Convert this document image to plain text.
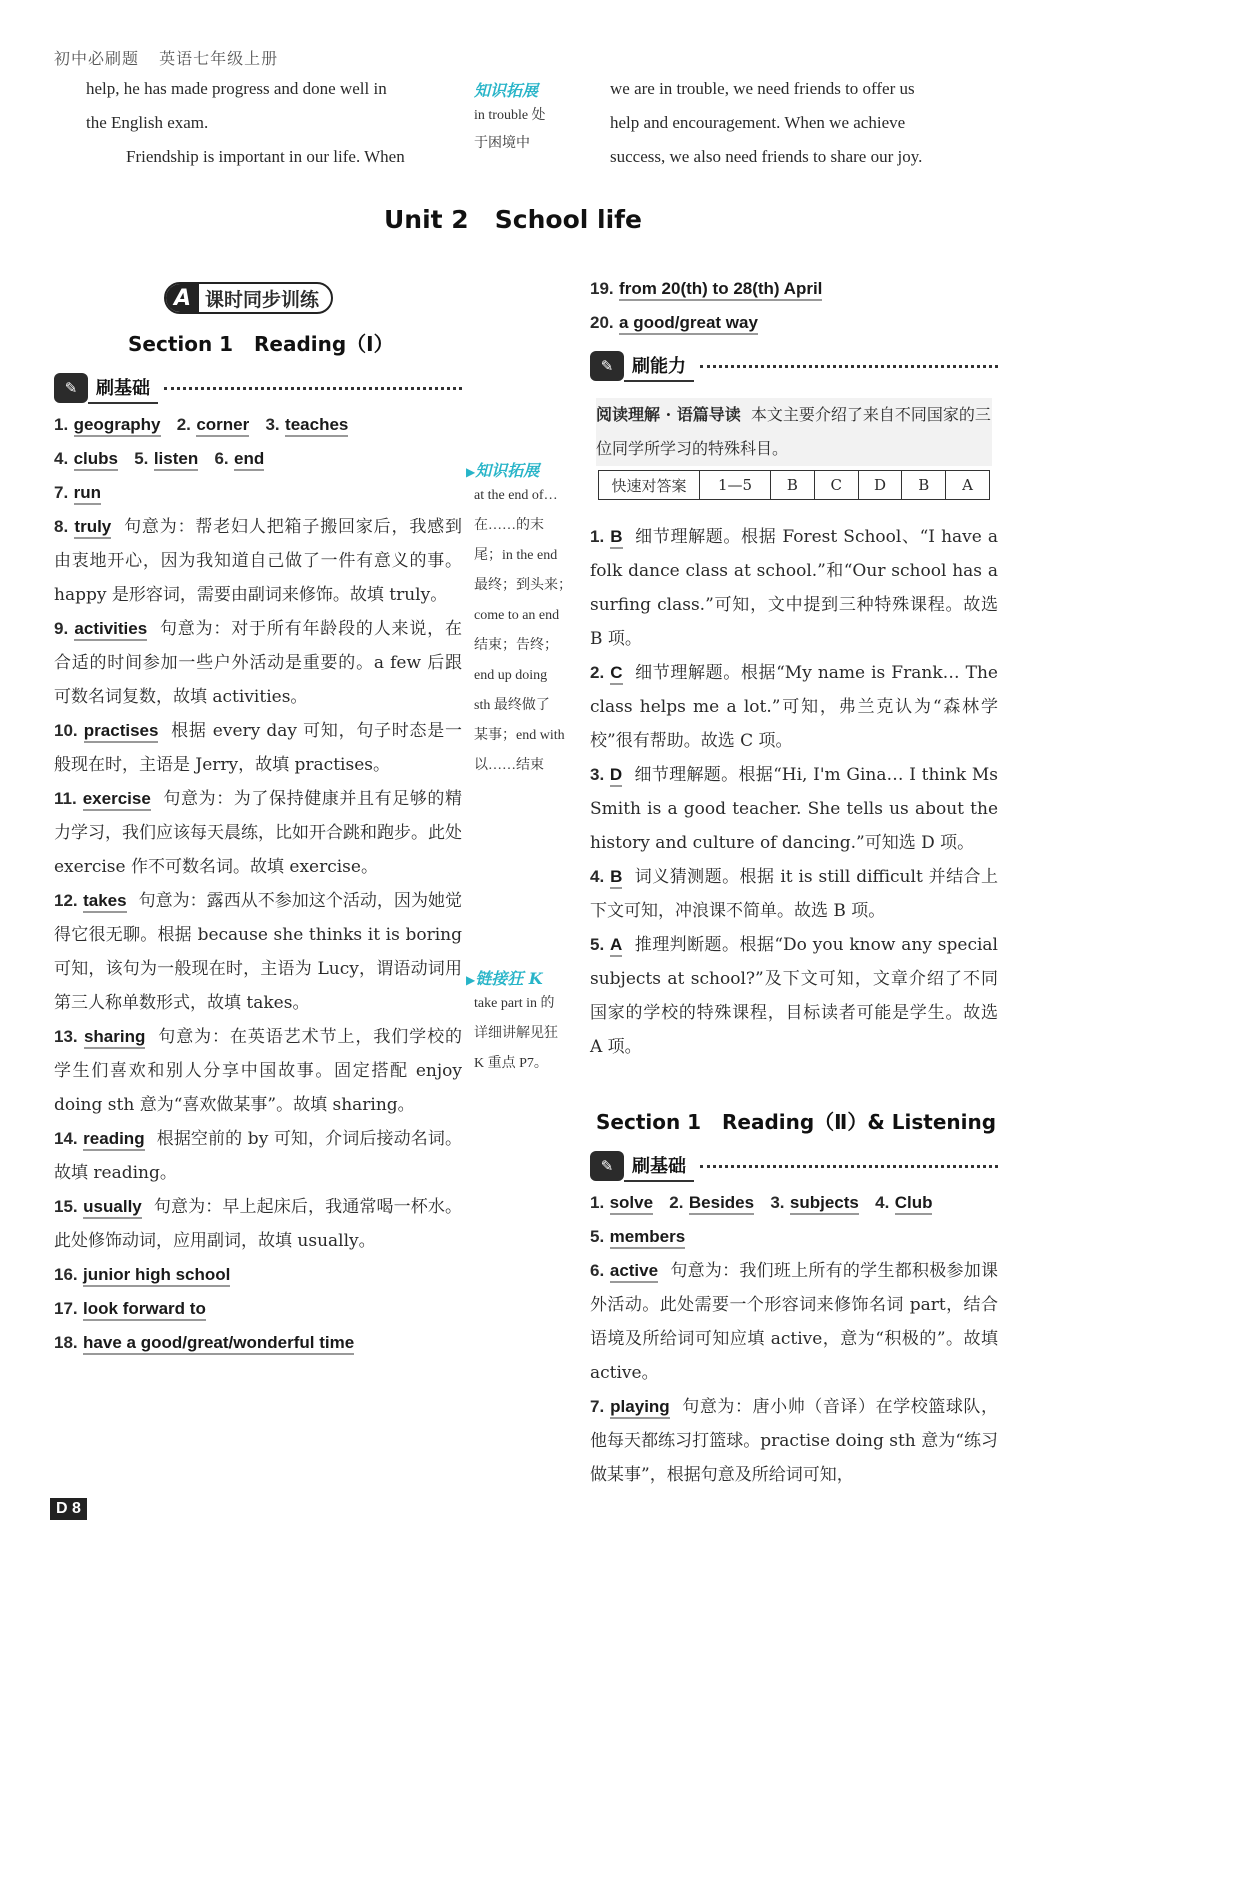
初中必刷题 英语七年级上册
help, he has made progress and done well in
the English exam.
Friendship is important in our life. When
知识拓展
in trouble 处
于困境中
we are in trouble, we need friends to offer us
help and encouragement. When we achieve
success, we also need friends to share our joy.
Unit 2   School life
A 课时同步训练
Section 1   Reading（Ⅰ）
✎	刷基础

1. geography 2. corner 3. teaches

4. clubs 5. listen 6. end

7. run

8. truly 句意为：帮老妇人把箱子搬回家后，我感到由衷地开心，因为我知道自己做了一件有意义的事。happy 是形容词，需要由副词来修饰。故填 truly。

9. activities 句意为：对于所有年龄段的人来说，在合适的时间参加一些户外活动是重要的。a few 后跟可数名词复数，故填 activities。

10. practises 根据 every day 可知，句子时态是一般现在时，主语是 Jerry，故填 practises。

11. exercise 句意为：为了保持健康并且有足够的精力学习，我们应该每天晨练，比如开合跳和跑步。此处 exercise 作不可数名词。故填 exercise。

12. takes 句意为：露西从不参加这个活动，因为她觉得它很无聊。根据 because she thinks it is boring 可知，该句为一般现在时，主语为 Lucy，谓语动词用第三人称单数形式，故填 takes。

13. sharing 句意为：在英语艺术节上，我们学校的学生们喜欢和别人分享中国故事。固定搭配 enjoy doing sth 意为“喜欢做某事”。故填 sharing。

14. reading 根据空前的 by 可知，介词后接动名词。故填 reading。

15. usually 句意为：早上起床后，我通常喝一杯水。此处修饰动词，应用副词，故填 usually。

16. junior high school

17. look forward to

18. have a good/great/wonderful time

▶知识拓展
at the end of…
在……的末
尾；in the end
最终；到头来；
come to an end
结束；告终；
end up doing
sth 最终做了
某事；end with
以……结束
▶链接狂 K
take part in 的
详细讲解见狂
K 重点 P7。

19. from 20(th) to 28(th) April

20. a good/great way

✎	刷能力
阅读理解 · 语篇导读 本文主要介绍了来自不同国家的三位同学所学习的特殊科目。
快速对答案	1—5	B	C	D	B	A

1. B 细节理解题。根据 Forest School、“I have a folk dance class at school.”和“Our school has a surfing class.”可知，文中提到三种特殊课程。故选 B 项。

2. C 细节理解题。根据“My name is Frank… The class helps me a lot.”可知，弗兰克认为“森林学校”很有帮助。故选 C 项。

3. D 细节理解题。根据“Hi, I'm Gina… I think Ms Smith is a good teacher. She tells us about the history and culture of dancing.”可知选 D 项。

4. B 词义猜测题。根据 it is still difficult 并结合上下文可知，冲浪课不简单。故选 B 项。

5. A 推理判断题。根据“Do you know any special subjects at school?”及下文可知，文章介绍了不同国家的学校的特殊课程，目标读者可能是学生。故选 A 项。

Section 1   Reading（Ⅱ）& Listening
✎	刷基础

1. solve 2. Besides 3. subjects 4. Club

5. members

6. active 句意为：我们班上所有的学生都积极参加课外活动。此处需要一个形容词来修饰名词 part，结合语境及所给词可知应填 active，意为“积极的”。故填 active。

7. playing 句意为：唐小帅（音译）在学校篮球队，他每天都练习打篮球。practise doing sth 意为“练习做某事”，根据句意及所给词可知，

D 8
